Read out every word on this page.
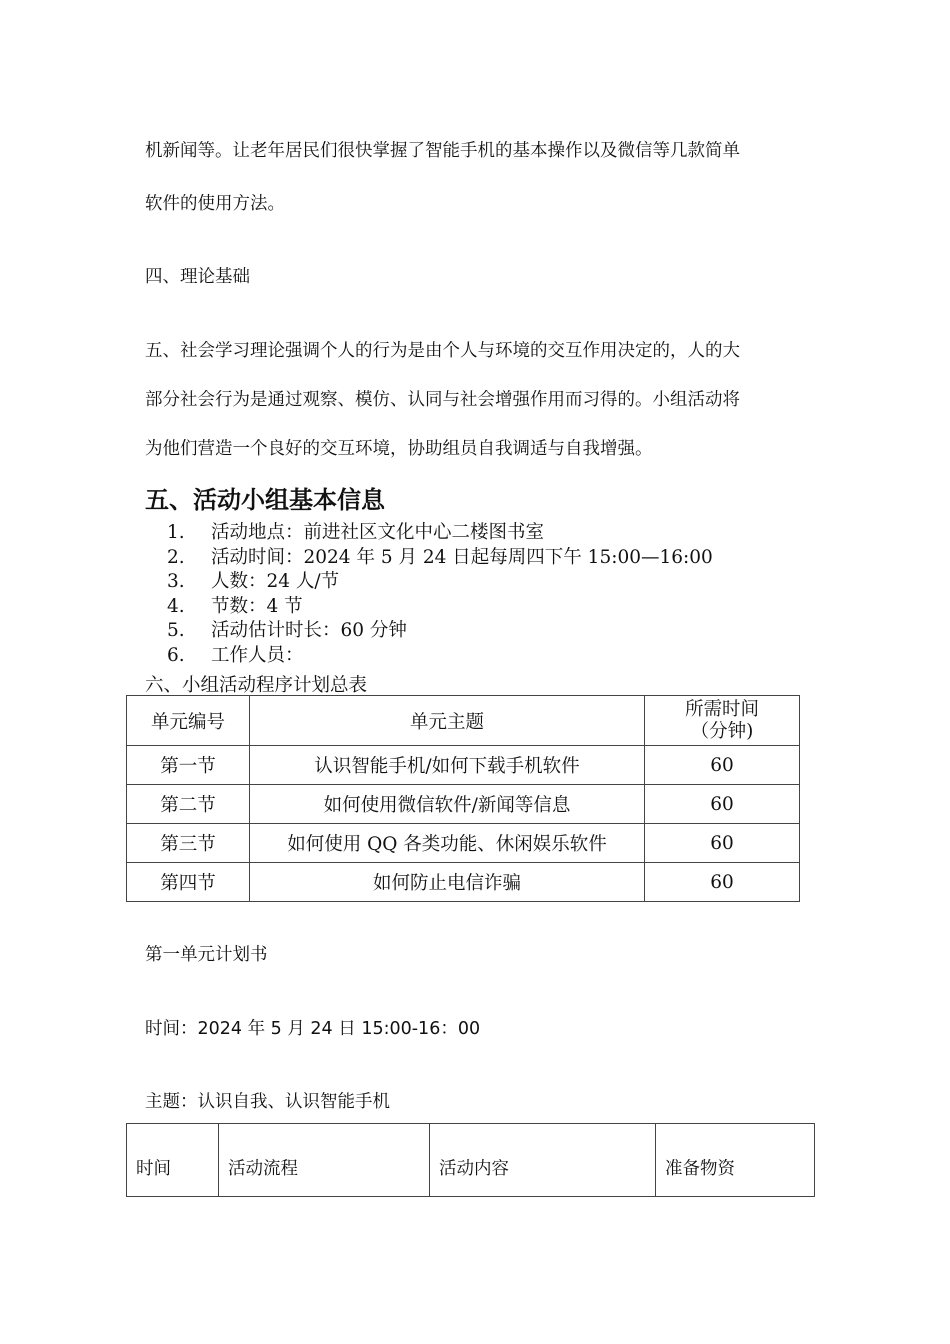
机新闻等。让老年居民们很快掌握了智能手机的基本操作以及微信等几款简单
软件的使用方法。
四、理论基础
五、社会学习理论强调个人的行为是由个人与环境的交互作用决定的，人的大
部分社会行为是通过观察、模仿、认同与社会增强作用而习得的。小组活动将
为他们营造一个良好的交互环境，协助组员自我调适与自我增强。
五、活动小组基本信息
1. 活动地点：前进社区文化中心二楼图书室
2. 活动时间：2024 年 5 月 24 日起每周四下午 15:00—16:00
3. 人数：24 人/节
4. 节数：4 节
5. 活动估计时长：60 分钟
6. 工作人员：
六、小组活动程序计划总表
单元编号	单元主题	所需时间
（分钟)

第一节	认识智能手机/如何下载手机软件	60
第二节	如何使用微信软件/新闻等信息	60
第三节	如何使用 QQ 各类功能、休闲娱乐软件	60
第四节	如何防止电信诈骗	60
第一单元计划书
时间：2024 年 5 月 24 日 15:00-16：00
主题：认识自我、认识智能手机
时间	活动流程	活动内容	准备物资
